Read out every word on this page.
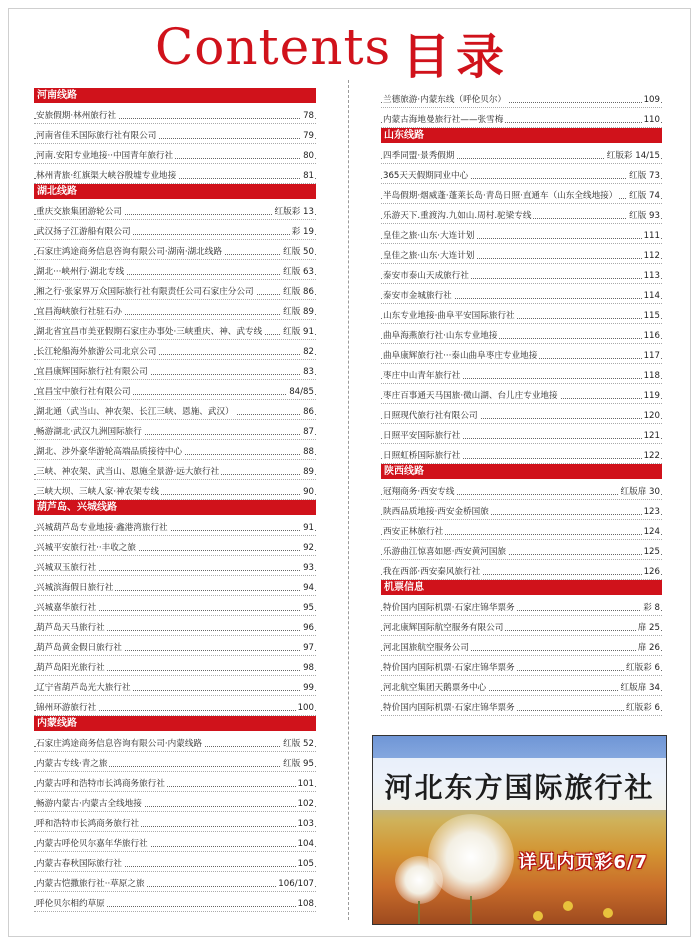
Contents 目录
河南线路
安旅假期·林州旅行社	78
河南省佳禾国际旅行社有限公司	79
河南.安阳专业地接··中国青年旅行社	80
林州青旅·红旗渠大峡谷殷墟专业地接	81
湖北线路
重庆交旅集团游轮公司	红版彩 13
武汉扬子江游船有限公司	彩 19
石家庄鸿途商务信息咨询有限公司·湖南·湖北线路	红版 50
湖北···峡州行·湖北专线	红版 63
湘之行·张家界万众国际旅行社有限责任公司石家庄分公司	红版 86
宜昌海峡旅行社驻石办	红版 89
湖北省宜昌市美亚假期石家庄办事处·三峡重庆、神、武专线 红版 91
长江轮船海外旅游公司北京公司	82
宜昌康辉国际旅行社有限公司	83
宜昌宝中旅行社有限公司	84/85
湖北通（武当山、神农架、长江三峡、恩施、武汉）	86
畅游湖北·武汉九洲国际旅行	87
湖北、涉外豪华游轮高端品质接待中心	88
三峡、神农架、武当山、恩施全景游·远大旅行社	89
三峡大坝、三峡人家·神农架专线	90
葫芦岛、兴城线路
兴城葫芦岛专业地接·鑫港湾旅行社	91
兴城平安旅行社··丰收之旅	92
兴城双玉旅行社	93
兴城滨海假日旅行社	94
兴城嘉华旅行社	95
葫芦岛天马旅行社	96
葫芦岛黄金假日旅行社	97
葫芦岛阳光旅行社	98
辽宁省葫芦岛光大旅行社	99
锦州环游旅行社	100
内蒙线路
石家庄鸿途商务信息咨询有限公司·内蒙线路	红版 52
内蒙古专线·青之旅	红版 95
内蒙古呼和浩特市长鸿商务旅行社	101
畅游内蒙古·内蒙古全线地接	102
呼和浩特市长鸿商务旅行社	103
内蒙古呼伦贝尔嘉年华旅行社	104
内蒙古春秋国际旅行社	105
内蒙古恺撒旅行社··草原之旅	106/107
呼伦贝尔相约草原	108
兰德旅游·内蒙东线（呼伦贝尔）	109
内蒙古海地曼旅行社——张雪梅	110
山东线路
四季同盟·景秀假期	红版彩 14/15
365天天假期同业中心	红版 73
半岛假期·烟威蓬·蓬莱长岛·青岛日照·直通车（山东全线地接） 红版 74
乐游天下.重渡沟.九如山.周村.驼梁专线	红版 93
皇佳之旅·山东·大连计划	111
皇佳之旅·山东·大连计划	112
泰安市泰山天成旅行社	113
泰安市金城旅行社	114
山东专业地接·曲阜平安国际旅行社	115
曲阜海燕旅行社·山东专业地接	116
曲阜康辉旅行社···泰山曲阜枣庄专业地接	117
枣庄中山青年旅行社	118
枣庄百事通天马国旅·微山湖、台儿庄专业地接	119
日照现代旅行社有限公司	120
日照平安国际旅行社	121
日照虹桥国际旅行社	122
陕西线路
冠翔商务·西安专线	红版扉 30
陕西品质地接·西安金桥国旅	123
西安正林旅行社	124
乐游曲江惊喜如愿·西安黄河国旅	125
我在西部·西安秦风旅行社	126
机票信息
特价国内国际机票·石家庄锦华票务	彩 8
河北康辉国际航空服务有限公司	扉 25
河北国旅航空服务公司	扉 26
特价国内国际机票·石家庄锦华票务	红版彩 6
河北航空集团天鹅票务中心	红版扉 34
特价国内国际机票·石家庄锦华票务	红版彩 6
河北东方国际旅行社
详见内页彩6/7
